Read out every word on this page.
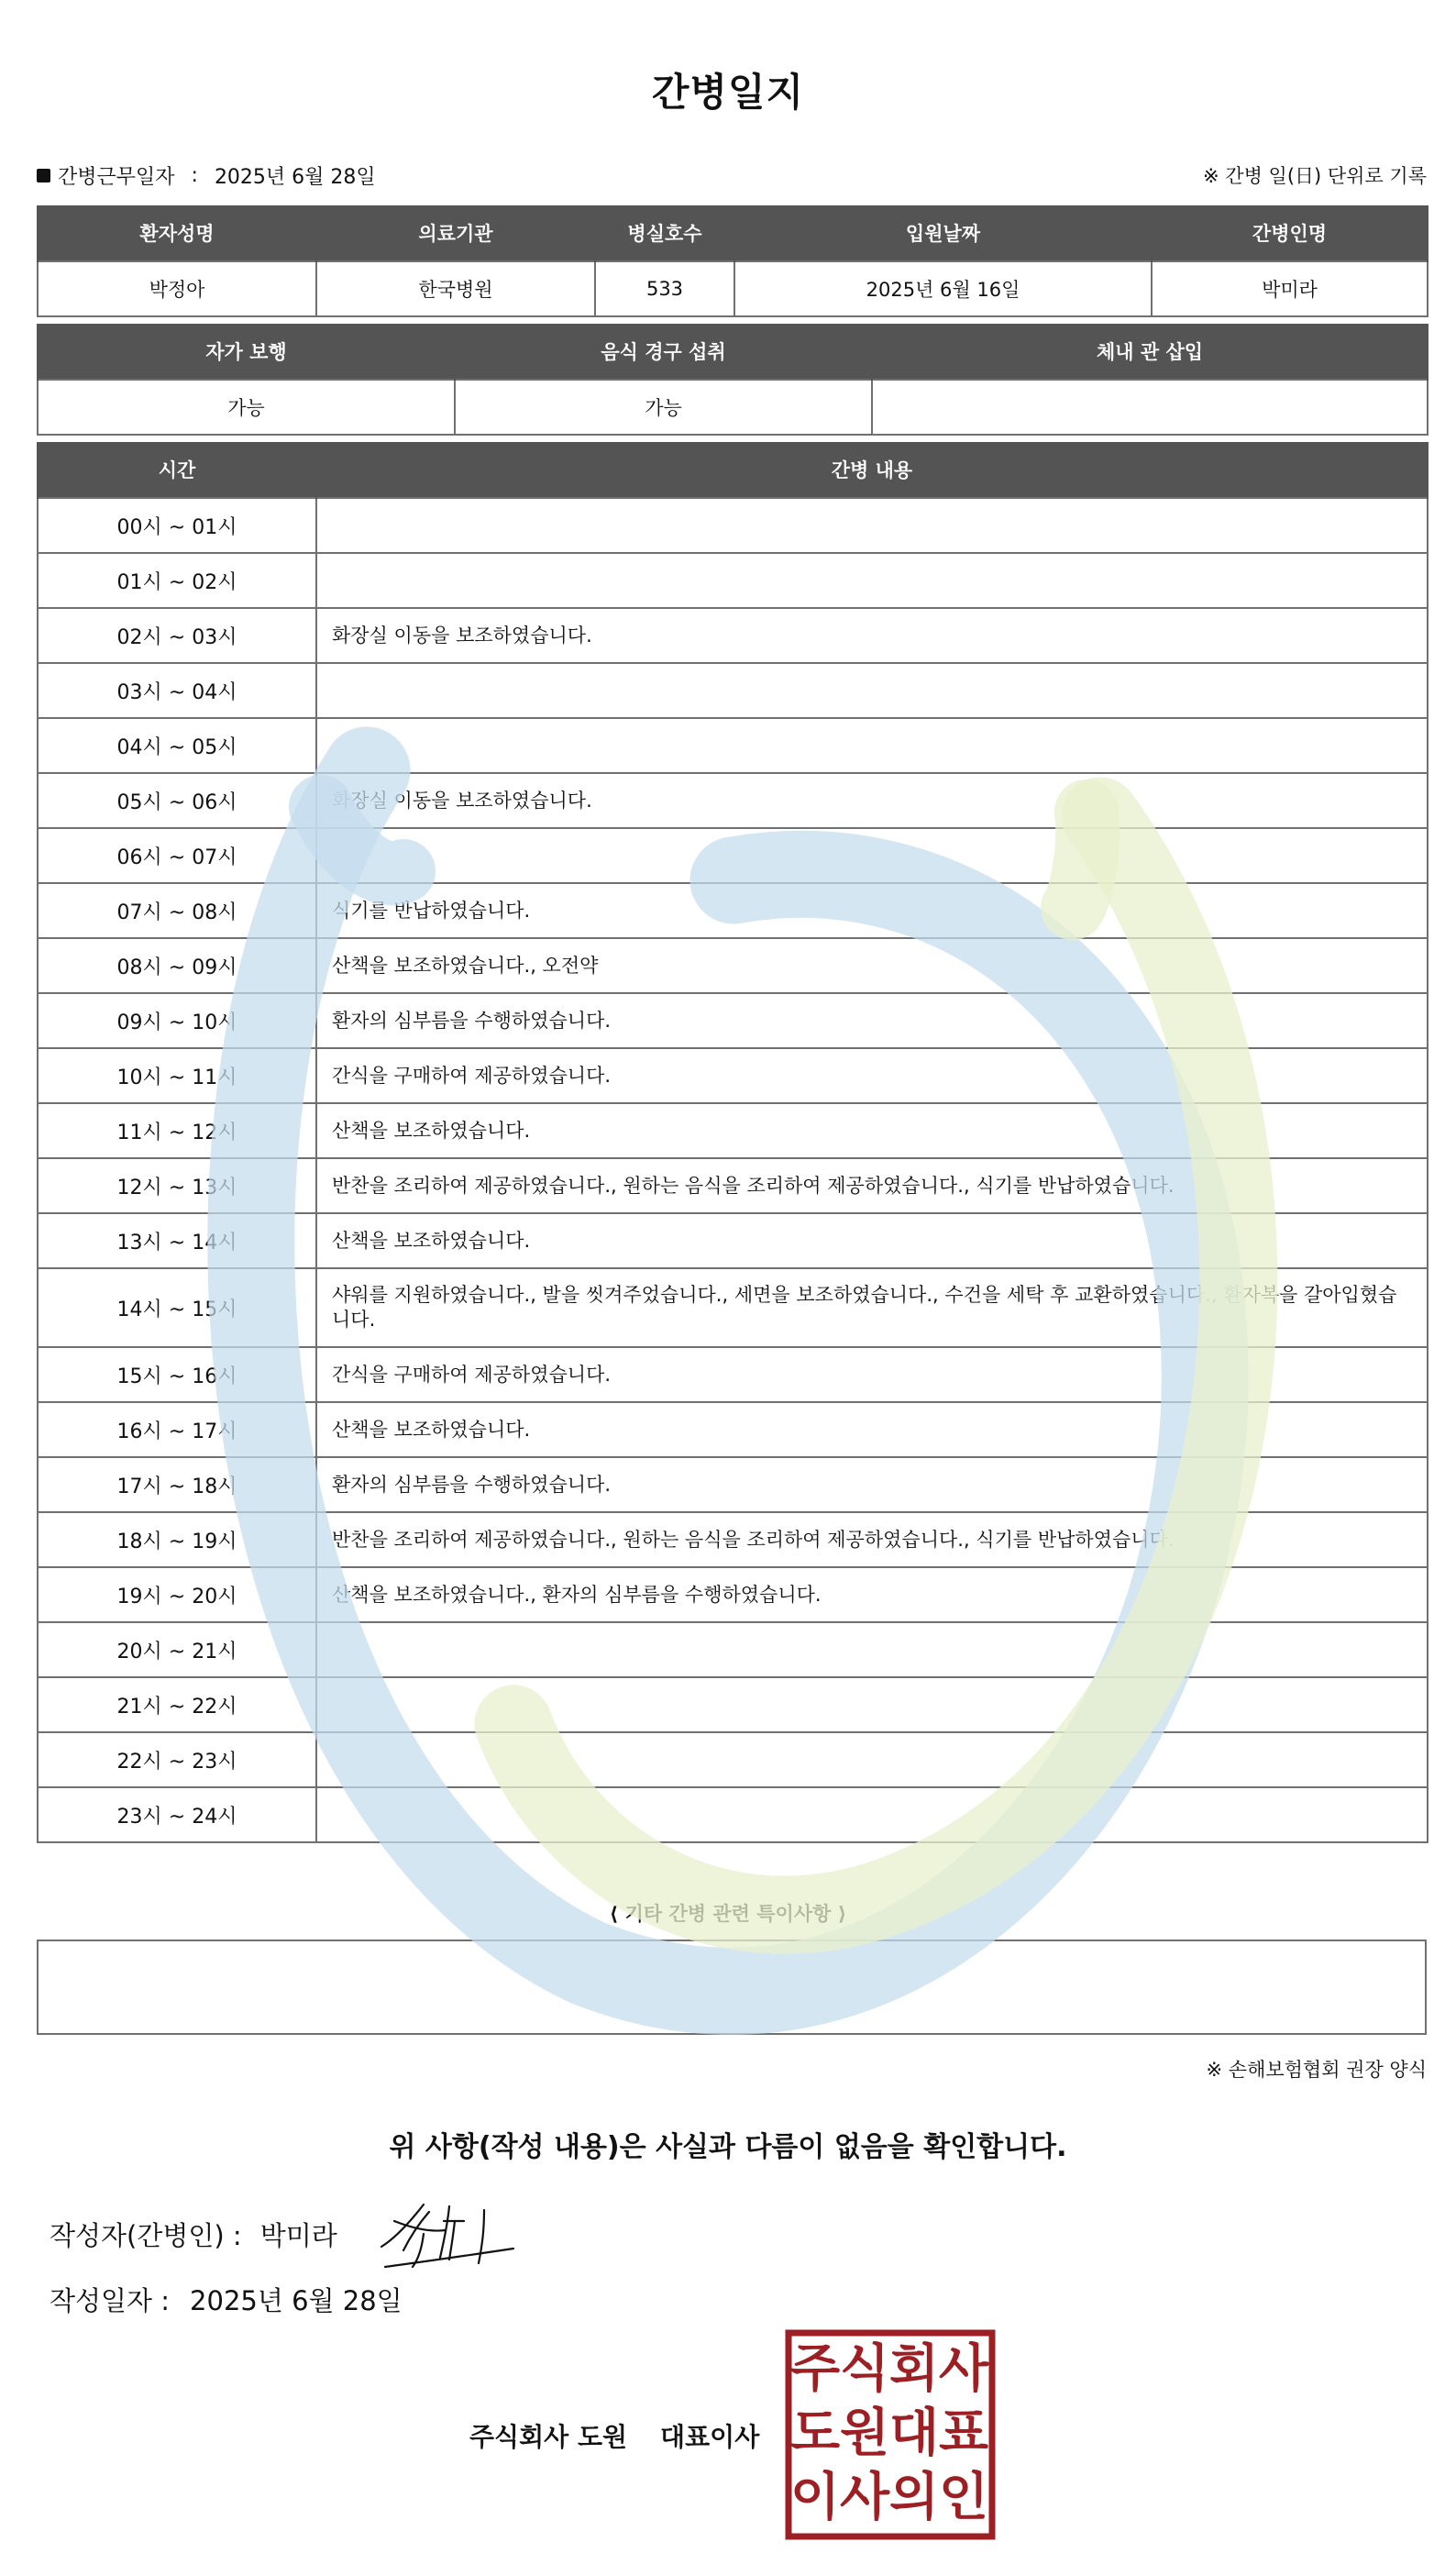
간병일지
간병근무일자 : 2025년 6월 28일	※ 간병 일(日) 단위로 기록
환자성명	의료기관	병실호수	입원날짜	간병인명
박정아	한국병원	533	2025년 6월 16일	박미라
자가 보행	음식 경구 섭취	체내 관 삽입
가능	가능	
시간	간병 내용
00시 ~ 01시	
01시 ~ 02시	
02시 ~ 03시	화장실 이동을 보조하였습니다.
03시 ~ 04시	
04시 ~ 05시	
05시 ~ 06시	화장실 이동을 보조하였습니다.
06시 ~ 07시	
07시 ~ 08시	식기를 반납하였습니다.
08시 ~ 09시	산책을 보조하였습니다., 오전약
09시 ~ 10시	환자의 심부름을 수행하였습니다.
10시 ~ 11시	간식을 구매하여 제공하였습니다.
11시 ~ 12시	산책을 보조하였습니다.
12시 ~ 13시	반찬을 조리하여 제공하였습니다., 원하는 음식을 조리하여 제공하였습니다., 식기를 반납하였습니다.
13시 ~ 14시	산책을 보조하였습니다.
14시 ~ 15시	샤워를 지원하였습니다., 발을 씻겨주었습니다., 세면을 보조하였습니다., 수건을 세탁 후 교환하였습니다., 환자복을 갈아입혔습니다.
15시 ~ 16시	간식을 구매하여 제공하였습니다.
16시 ~ 17시	산책을 보조하였습니다.
17시 ~ 18시	환자의 심부름을 수행하였습니다.
18시 ~ 19시	반찬을 조리하여 제공하였습니다., 원하는 음식을 조리하여 제공하였습니다., 식기를 반납하였습니다.
19시 ~ 20시	산책을 보조하였습니다., 환자의 심부름을 수행하였습니다.
20시 ~ 21시	
21시 ~ 22시	
22시 ~ 23시	
23시 ~ 24시	
⟨ 기타 간병 관련 특이사항 ⟩
※ 손해보험협회 권장 양식
위 사항(작성 내용)은 사실과 다름이 없음을 확인합니다.
작성자(간병인) : 박미라
작성일자 : 2025년 6월 28일
주식회사 도원 대표이사
주 식 회 사
도 원 대 표
이 사 의 인
